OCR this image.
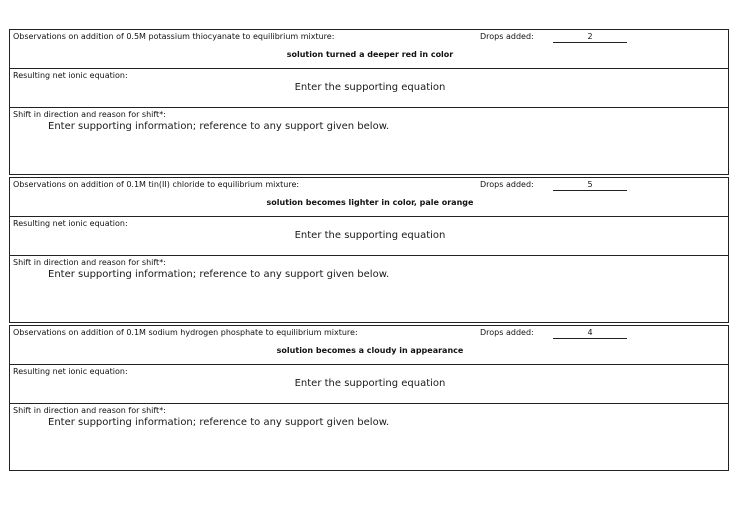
Observations on addition of 0.5M potassium thiocyanate to equilibrium mixture:	Drops added:	2
solution turned a deeper red in color
Resulting net ionic equation:
Enter the supporting equation
Shift in direction and reason for shift*:
Enter supporting information; reference to any support given below.
Observations on addition of 0.1M tin(II) chloride to equilibrium mixture:	Drops added:	5
solution becomes lighter in color, pale orange
Resulting net ionic equation:
Enter the supporting equation
Shift in direction and reason for shift*:
Enter supporting information; reference to any support given below.
Observations on addition of 0.1M sodium hydrogen phosphate to equilibrium mixture:	Drops added:	4
solution becomes a cloudy in appearance
Resulting net ionic equation:
Enter the supporting equation
Shift in direction and reason for shift*:
Enter supporting information; reference to any support given below.
